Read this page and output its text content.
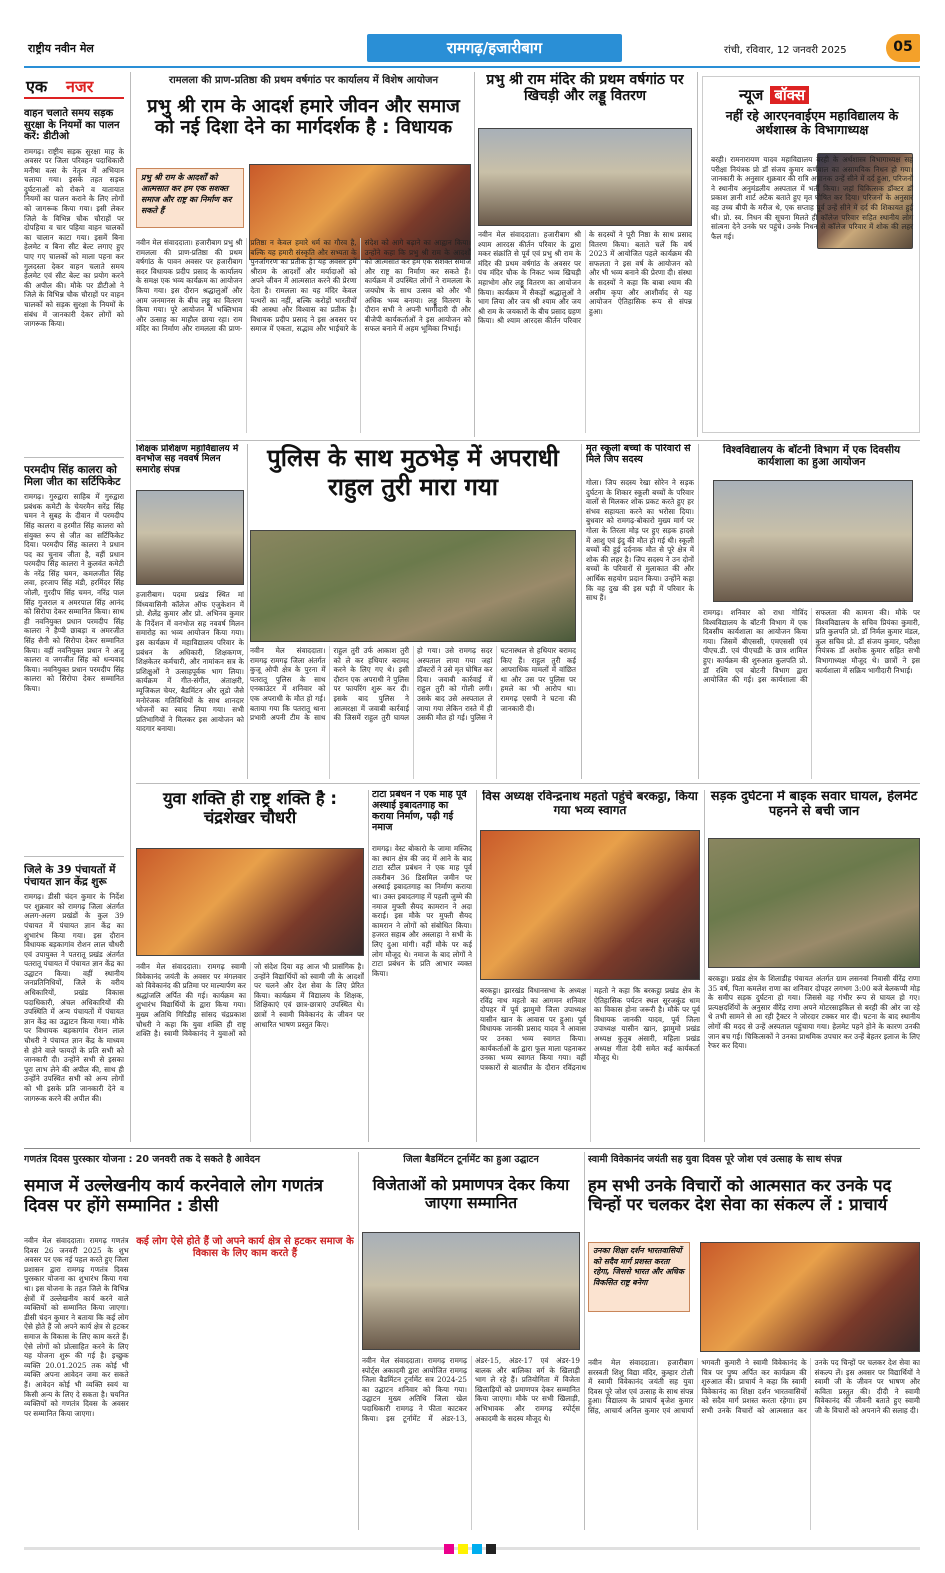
राष्ट्रीय नवीन मेल	रामगढ़/हजारीबाग	रांची, रविवार, 12 जनवरी 2025	05
एक नजर
वाहन चलाते समय सड़क सुरक्षा के नियमों का पालन करें: डीटीओ
रामगढ़। राष्ट्रीय सड़क सुरक्षा माह के अवसर पर जिला परिवहन पदाधिकारी मनीषा वत्स के नेतृत्व में अभियान चलाया गया। इसके तहत सड़क दुर्घटनाओं को रोकने व यातायात नियमों का पालन कराने के लिए लोगों को जागरूक किया गया। इसी लेकर जिले के विभिन्न चौक चौराहों पर दोपहिया व चार पहिया वाहन चालकों का चालान काटा गया। इसमें बिना हेलमेट व बिना सीट बेल्ट लगाए हुए पाए गए चालकों को माला पहना कर गुलदस्ता देकर वाहन चलाते समय हेलमेट एवं सीट बेल्ट का प्रयोग करने की अपील की। मौके पर डीटीओ ने जिले के विभिन्न चौक चौराहों पर वाहन चालकों को सड़क सुरक्षा के नियमों के संबंध में जानकारी देकर लोगों को जागरूक किया।
परमदीप सिंह कालरा को मिला जीत का सर्टिफिकेट
रामगढ़। गुरुद्वारा साहिब में गुरुद्वारा प्रबंधक कमेटी के चेयरमैन सरेंद्र सिंह चमन ने सुबह के दीवान में परमदीप सिंह कालरा व हरमीत सिंह कालरा को संयुक्त रूप से जीत का सर्टिफिकेट दिया। परमदीप सिंह कालरा ने प्रधान पद का चुनाव जीता है, वहीं प्रधान परमदीप सिंह कालरा ने कुलवंत कमेटी के नरेंद्र सिंह चमन, कमलजीत सिंह लवा, हरजाप सिंह मंडी, हरमिंदर सिंह जोली, गुरदीप सिंह चमन, नरिंद्र पाल सिंह गुजराल व अमरपाल सिंह आनंद को सिरोपा देकर सम्मानित किया। साथ ही नवनियुक्त प्रधान परमदीप सिंह कालरा ने हैप्पी छाबड़ा व अमरजीत सिंह सैनी को सिरोपा देकर सम्मानित किया। वहीं नवनियुक्त प्रधान ने अजु कालरा व जगजीत सिंह को धन्यवाद किया। नवनियुक्त प्रधान परमदीप सिंह कालरा को सिरोपा देकर सम्मानित किया।
जिले के 39 पंचायतों में पंचायत ज्ञान केंद्र शुरू
रामगढ़। डीसी चंदन कुमार के निर्देश पर शुक्रवार को रामगढ़ जिला अंतर्गत अलग-अलग प्रखंडों के कुल 39 पंचायत में पंचायत ज्ञान केंद्र का शुभारंभ किया गया। इस दौरान विधायक बड़कागांव रोशन लाल चौधरी एवं उपायुक्त ने पतरातू प्रखंड अंतर्गत पतरातू पंचायत में पंचायत ज्ञान केंद्र का उद्घाटन किया। वहीं स्थानीय जनप्रतिनिधियों, जिले के वरीय अधिकारियों, प्रखंड विकास पदाधिकारी, अंचल अधिकारियों की उपस्थिति में अन्य पंचायतों में पंचायत ज्ञान केंद्र का उद्घाटन किया गया। मौके पर विधायक बड़कागांव रोशन लाल चौधरी ने पंचायत ज्ञान केंद्र के माध्यम से होने वाले फायदों के प्रति सभी को जानकारी दी। उन्होंने सभी से इसका पूरा लाभ लेने की अपील की, साथ ही उन्होंने उपस्थित सभी को अन्य लोगों को भी इसके प्रति जानकारी देने व जागरूक करने की अपील की।
रामलला की प्राण-प्रतिष्ठा की प्रथम वर्षगांठ पर कार्यालय में विशेष आयोजन
प्रभु श्री राम के आदर्श हमारे जीवन और समाज को नई दिशा देने का मार्गदर्शक है : विधायक
प्रभु श्री राम के आदर्शों को आत्मसात कर हम एक सशक्त समाज और राष्ट्र का निर्माण कर सकते हैं
नवीन मेल संवाददाता। हजारीबाग प्रभु श्री रामलला की प्राण-प्रतिष्ठा की प्रथम वर्षगांठ के पावन अवसर पर हजारीबाग सदर विधायक प्रदीप प्रसाद के कार्यालय के समक्ष एक भव्य कार्यक्रम का आयोजन किया गया। इस दौरान श्रद्धालुओं और आम जनमानस के बीच लड्डू का वितरण किया गया। पूरे आयोजन में भक्तिभाव और उत्साह का माहौल छाया रहा। राम मंदिर का निर्माण और रामलला की प्राण-प्रतिष्ठा न केवल हमारे धर्म का गौरव है, बल्कि यह हमारी संस्कृति और सभ्यता के पुनर्जागरण का प्रतीक है। यह अवसर हमें श्रीराम के आदर्शों और मर्यादाओं को अपने जीवन में आत्मसात करने की प्रेरणा देता है। रामलला का यह मंदिर केवल पत्थरों का नहीं, बल्कि करोड़ों भारतीयों की आस्था और विश्वास का प्रतीक है। विधायक प्रदीप प्रसाद ने इस अवसर पर समाज में एकता, सद्भाव और भाईचारे के संदेश को आगे बढ़ाने का आह्वान किया। उन्होंने कहा कि प्रभु श्री राम के आदर्शों को आत्मसात कर हम एक सशक्त समाज और राष्ट्र का निर्माण कर सकते हैं। कार्यक्रम में उपस्थित लोगों ने रामलला के जयघोष के साथ उत्सव को और भी अधिक भव्य बनाया। लड्डू वितरण के दौरान सभी ने अपनी भागीदारी दी और बीजेपी कार्यकर्ताओं ने इस आयोजन को सफल बनाने में अहम भूमिका निभाई।
प्रभु श्री राम मंदिर की प्रथम वर्षगांठ पर खिचड़ी और लड्डू वितरण
नवीन मेल संवाददाता। हजारीबाग श्री श्याम आरदस कीर्तन परिवार के द्वारा मकर संक्रांति से पूर्व एवं प्रभु श्री राम के मंदिर की प्रथम वर्षगांठ के अवसर पर पंच मंदिर चौक के निकट भव्य खिचड़ी महाभोग और लड्डू वितरण का आयोजन किया। कार्यक्रम में सैकड़ों श्रद्धालुओं ने भाग लिया और जय श्री श्याम और जय श्री राम के जयकारों के बीच प्रसाद ग्रहण किया। श्री श्याम आरदस कीर्तन परिवार के सदस्यों ने पूरी निष्ठा के साथ प्रसाद वितरण किया। बताते चलें कि वर्ष 2023 में आयोजित पहले कार्यक्रम की सफलता ने इस वर्ष के आयोजन को और भी भव्य बनाने की प्रेरणा दी। संस्था के सदस्यों ने कहा कि बाबा श्याम की असीम कृपा और आशीर्वाद से यह आयोजन ऐतिहासिक रूप से संपन्न हुआ।
न्यूज बॉक्स
नहीं रहे आरएनवाईएम महाविद्यालय के अर्थशास्त्र के विभागाध्यक्ष
बरही। रामनारायण यादव महाविद्यालय बरही के अर्थशास्त्र विभागाध्यक्ष सह परीक्षा नियंत्रक प्रो डॉ संजय कुमार कर्णवाल का असामयिक निधन हो गया। जानकारी के अनुसार शुक्रवार की रात्रि अचानक उन्हें सीने में दर्द हुआ, परिजनों ने स्थानीय अनुमंडलीय अस्पताल में भर्ती किया। जहां चिकित्सक डॉक्टर डॉ प्रकाश ज्ञानी शार्ट अटैक बताते हुए मृत घोषित कर दिया। परिजनों के अनुसार वह उच्च बीपी के मरीज थे, एक सप्ताह पूर्व उन्हें सीने में दर्द की शिकायत हुई थी। प्रो. स्व. निधन की सूचना मिलते ही कॉलेज परिवार सहित स्थानीय लोग सांत्वना देने उनके घर पहुंचे। उनके निधन से कॉलेज परिवार में शोक की लहर फैल गई।
शिक्षक प्रशिक्षण महाविद्यालय में वनभोज सह नववर्ष मिलन समारोह संपन्न
हजारीबाग। पदमा प्रखंड स्थित मां विंध्यवासिनी कॉलेज ऑफ एजुकेशन में प्रो. शैलेंद्र कुमार और प्रो. अभिनव कुमार के निर्देशन में वनभोज सह नववर्ष मिलन समारोह का भव्य आयोजन किया गया। इस कार्यक्रम में महाविद्यालय परिवार के प्रबंधन के अधिकारी, शिक्षकगण, शिक्षकेतर कर्मचारी, और नामांकन सत्र के प्रशिक्षुओं ने उत्साहपूर्वक भाग लिया। कार्यक्रम में गीत-संगीत, अंताक्षरी, म्यूजिकल चेयर, बैडमिंटन और लूडो जैसे मनोरंजक गतिविधियों के साथ शानदार भोजनों का स्वाद लिया गया। सभी प्रतिभागियों ने मिलकर इस आयोजन को यादगार बनाया।
पुलिस के साथ मुठभेड़ में अपराधी राहुल तुरी मारा गया
नवीन मेल संवाददाता। रामगढ़ रामगढ़ जिला अंतर्गत कुजू ओपी क्षेत्र के पुरना में पतरातू पुलिस के साथ एनकाउंटर में शनिवार को एक अपराधी के मौत हो गई। बताया गया कि पतरातू थाना प्रभारी अपनी टीम के साथ राहुल तुरी उर्फ आकाश तुरी को ले कर हथियार बरामद करने के लिए गए थे। इसी दौरान एक अपराधी ने पुलिस पर फायरिंग शुरू कर दी। इसके बाद पुलिस ने आत्मरक्षा में जवाबी कार्रवाई की जिसमें राहुल तुरी घायल हो गया। उसे रामगढ़ सदर अस्पताल लाया गया जहां डॉक्टरों ने उसे मृत घोषित कर दिया। जवाबी कार्रवाई में राहुल तुरी को गोली लगी। उसके बाद उसे अस्पताल ले जाया गया लेकिन रास्ते में ही उसकी मौत हो गई। पुलिस ने घटनास्थल से हथियार बरामद किए हैं। राहुल तुरी कई आपराधिक मामलों में वांछित था और उस पर पुलिस पर हमले का भी आरोप था। रामगढ़ एसपी ने घटना की जानकारी दी।
मृत स्कूली बच्चों के परिवारों से मिले जिप सदस्य
गोला। जिप सदस्य रेखा सोरेन ने सड़क दुर्घटना के शिकार स्कूली बच्चों के परिवार वालों से मिलकर शोक प्रकट करते हुए हर संभव सहायता करने का भरोसा दिया। बुधवार को रामगढ़-बोकारो मुख्य मार्ग पर गोला के तिरला मोड़ पर हुए सड़क हादसे में आशु एवं इंदु की मौत हो गई थी। स्कूली बच्चों की हुई दर्दनाक मौत से पूरे क्षेत्र में शोक की लहर है। जिप सदस्य ने उन दोनों बच्चों के परिवारों से मुलाकात की और आर्थिक सहयोग प्रदान किया। उन्होंने कहा कि वह दुख की इस घड़ी में परिवार के साथ हैं।
विश्वविद्यालय के बॉटनी विभाग में एक दिवसीय कार्यशाला का हुआ आयोजन
रामगढ़। शनिवार को राधा गोविंद विश्वविद्यालय के बॉटनी विभाग में एक दिवसीय कार्यशाला का आयोजन किया गया। जिसमें बीएससी, एमएससी एवं पीएच.डी. एवं पीएचडी के छात्र शामिल हुए। कार्यक्रम की शुरुआत कुलपति प्रो. डॉ रश्मि एवं बोटनी विभाग द्वारा आयोजित की गई। इस कार्यशाला की सफलता की कामना की। मौके पर विश्वविद्यालय के सचिव प्रियंका कुमारी, प्रति कुलपति प्रो. डॉ निर्मल कुमार मंडल, कुल सचिव प्रो. डॉ संजय कुमार, परीक्षा नियंत्रक डॉ अशोक कुमार सहित सभी विभागाध्यक्ष मौजूद थे। छात्रों ने इस कार्यशाला में सक्रिय भागीदारी निभाई।
युवा शक्ति ही राष्ट्र शक्ति है : चंद्रशेखर चौधरी
नवीन मेल संवाददाता। रामगढ़ स्वामी विवेकानंद जयंती के अवसर पर मंगलवार को विवेकानंद की प्रतिमा पर माल्यार्पण कर श्रद्धांजलि अर्पित की गई। कार्यक्रम का शुभारंभ विद्यार्थियों के द्वारा किया गया। मुख्य अतिथि गिरिडीह सांसद चंद्रप्रकाश चौधरी ने कहा कि युवा शक्ति ही राष्ट्र शक्ति है। स्वामी विवेकानंद ने युवाओं को जो संदेश दिया वह आज भी प्रासंगिक है। उन्होंने विद्यार्थियों को स्वामी जी के आदर्शों पर चलने और देश सेवा के लिए प्रेरित किया। कार्यक्रम में विद्यालय के शिक्षक, शिक्षिकाएं एवं छात्र-छात्राएं उपस्थित थे। छात्रों ने स्वामी विवेकानंद के जीवन पर आधारित भाषण प्रस्तुत किए।
टाटा प्रबंधन ने एक माह पूर्व अस्थाई इबादतगाह का कराया निर्माण, पढ़ी गई नमाज
रामगढ़। वेस्ट बोकारो के जामा मस्जिद का स्थान क्षेत्र की जद में आने के बाद टाटा स्टील प्रबंधन ने एक माह पूर्व तकरीबन 36 डिसमिल जमीन पर अस्थाई इबादतगाह का निर्माण कराया था। उक्त इबादतगाह में पहली जुम्मे की नमाज मुफ्ती सैयद कामरान ने अदा कराई। इस मौके पर मुफ्ती सैयद कामरान ने लोगों को संबोधित किया। हजरत सहाब और अस्लाहा ने सभी के लिए दुआ मांगी। वहीं मौके पर कई लोग मौजूद थे। नमाज के बाद लोगों ने टाटा प्रबंधन के प्रति आभार व्यक्त किया।
विस अध्यक्ष रविन्द्रनाथ महतो पहुंचे बरकट्ठा, किया गया भव्य स्वागत
बरकट्ठा। झारखंड विधानसभा के अध्यक्ष रविंद्र नाथ महतो का आगमन शनिवार दोपहर में पूर्व झामुमो जिला उपाध्यक्ष यासीन खान के आवास पर हुआ। पूर्व विधायक जानकी प्रसाद यादव ने आवास पर उनका भव्य स्वागत किया। कार्यकर्ताओं के द्वारा फूल माला पहनाकर उनका भव्य स्वागत किया गया। वहीं पत्रकारों से बातचीत के दौरान रविंद्रनाथ महतो ने कहा कि बरकट्ठा प्रखंड क्षेत्र के ऐतिहासिक पर्यटन स्थल सूरजकुंड धाम का विकास होना जरूरी है। मौके पर पूर्व विधायक जानकी यादव, पूर्व जिला उपाध्यक्ष यासीन खान, झामुमो प्रखंड अध्यक्ष कुतुब अंसारी, महिला प्रखंड अध्यक्ष गीता देवी समेत कई कार्यकर्ता मौजूद थे।
सड़क दुर्घटना में बाइक सवार घायल, हेलमेट पहनने से बची जान
बरकट्ठा। प्रखंड क्षेत्र के शिलाडीह पंचायत अंतर्गत ग्राम लसनवां निवासी वीरेंद्र राणा 35 वर्ष, पिता कमलेश राणा का शनिवार दोपहर लगभग 3:00 बजे बेलकप्पी मोड़ के समीप सड़क दुर्घटना हो गया। जिससे वह गंभीर रूप से घायल हो गए। प्रत्यक्षदर्शियों के अनुसार वीरेंद्र राणा अपने मोटरसाइकिल से बरही की ओर जा रहे थे तभी सामने से आ रही ट्रैक्टर ने जोरदार टक्कर मार दी। घटना के बाद स्थानीय लोगों की मदद से उन्हें अस्पताल पहुंचाया गया। हेलमेट पहने होने के कारण उनकी जान बच गई। चिकित्सकों ने उनका प्राथमिक उपचार कर उन्हें बेहतर इलाज के लिए रेफर कर दिया।
गणतंत्र दिवस पुरस्कार योजना : 20 जनवरी तक दे सकते है आवेदन
समाज में उल्लेखनीय कार्य करनेवाले लोग गणतंत्र दिवस पर होंगे सम्मानित : डीसी
कई लोग ऐसे होते हैं जो अपने कार्य क्षेत्र से हटकर समाज के विकास के लिए काम करते हैं
नवीन मेल संवाददाता। रामगढ़ गणतंत्र दिवस 26 जनवरी 2025 के शुभ अवसर पर एक नई पहल करते हुए जिला प्रशासन द्वारा रामगढ़ गणतंत्र दिवस पुरस्कार योजना का शुभारंभ किया गया था। इस योजना के तहत जिले के विभिन्न क्षेत्रों में उल्लेखनीय कार्य करने वाले व्यक्तियों को सम्मानित किया जाएगा। डीसी चंदन कुमार ने बताया कि कई लोग ऐसे होते हैं जो अपने कार्य क्षेत्र से हटकर समाज के विकास के लिए काम करते हैं। ऐसे लोगों को प्रोत्साहित करने के लिए यह योजना शुरू की गई है। इच्छुक व्यक्ति 20.01.2025 तक कोई भी व्यक्ति अपना आवेदन जमा कर सकते हैं। आवेदन कोई भी व्यक्ति स्वयं या किसी अन्य के लिए दे सकता है। चयनित व्यक्तियों को गणतंत्र दिवस के अवसर पर सम्मानित किया जाएगा।
जिला बैडमिंटन टूर्नामेंट का हुआ उद्घाटन
विजेताओं को प्रमाणपत्र देकर किया जाएगा सम्मानित
नवीन मेल संवाददाता। रामगढ़ रामगढ़ स्पोर्ट्स अकादमी द्वारा आयोजित रामगढ़ जिला बैडमिंटन टूर्नामेंट सत्र 2024-25 का उद्घाटन शनिवार को किया गया। उद्घाटन मुख्य अतिथि जिला खेल पदाधिकारी रामगढ़ ने फीता काटकर किया। इस टूर्नामेंट में अंडर-13, अंडर-15, अंडर-17 एवं अंडर-19 बालक और बालिका वर्ग के खिलाड़ी भाग ले रहे हैं। प्रतियोगिता में विजेता खिलाड़ियों को प्रमाणपत्र देकर सम्मानित किया जाएगा। मौके पर सभी खिलाड़ी, अभिभावक और रामगढ़ स्पोर्ट्स अकादमी के सदस्य मौजूद थे।
स्वामी विवेकानंद जयंती सह युवा दिवस पूरे जोश एवं उत्साह के साथ संपन्न
हम सभी उनके विचारों को आत्मसात कर उनके पद चिन्हों पर चलकर देश सेवा का संकल्प लें : प्राचार्य
उनका शिक्षा दर्शन भारतवासियों को सदैव मार्ग प्रशस्त करता रहेगा, जिससे भारत और अधिक विकसित राष्ट्र बनेगा
नवीन मेल संवाददाता। हजारीबाग सरस्वती शिशु विद्या मंदिर, कुम्हार टोली में स्वामी विवेकानंद जयंती सह युवा दिवस पूरे जोश एवं उत्साह के साथ संपन्न हुआ। विद्यालय के प्राचार्य बृजेश कुमार सिंह, आचार्य अनिल कुमार एवं आचार्या भगवती कुमारी ने स्वामी विवेकानंद के चित्र पर पुष्प अर्पित कर कार्यक्रम की शुरुआत की। प्राचार्य ने कहा कि स्वामी विवेकानंद का शिक्षा दर्शन भारतवासियों को सदैव मार्ग प्रशस्त करता रहेगा। हम सभी उनके विचारों को आत्मसात कर उनके पद चिन्हों पर चलकर देश सेवा का संकल्प लें। इस अवसर पर विद्यार्थियों ने स्वामी जी के जीवन पर भाषण और कविता प्रस्तुत की। दीदी ने स्वामी विवेकानंद की जीवनी बताते हुए स्वामी जी के विचारों को अपनाने की सलाह दी।
